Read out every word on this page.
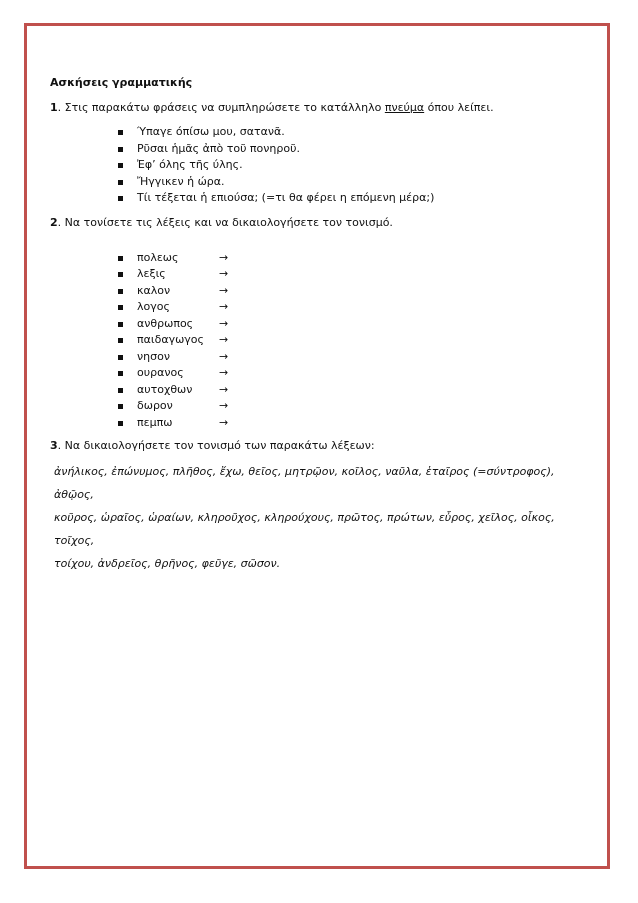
Ασκήσεις γραμματικής

1. Στις παρακάτω φράσεις να συμπληρώσετε το κατάλληλο πνεύμα όπου λείπει.

Ύπαγε όπίσω μου, σατανᾶ.
Ρῦσαι ἡμᾶς ἀπὸ τοῦ πονηροῦ.
Ἐφ’ όλης τῆς ύλης.
Ἤγγικεν ἡ ώρα.
Τίι τέξεται ἡ επιούσα; (=τι θα φέρει η επόμενη μέρα;)

2. Να τονίσετε τις λέξεις και να δικαιολογήσετε τον τονισμό.

πολεως	→
λεξις	→
καλον	→
λογος	→
ανθρωπος →
παιδαγωγος →
νησον	→
ουρανος	→
αυτοχθων →
δωρον	→
πεμπω	→

3. Να δικαιολογήσετε τον τονισμό των παρακάτω λέξεων:

ἀνήλικος, ἐπώνυμος, πλῆθος, ἔχω, θεῖος, μητρῷον, κοῖλος, ναῦλα, ἑταῖρος (=σύντροφος), ἀθῷος,
κοῦρος, ὡραῖος, ὡραίων, κληροῦχος, κληρούχους, πρῶτος, πρώτων, εὖρος, χεῖλος, οἶκος, τοῖχος,
τοίχου, ἀνδρεῖος, θρῆνος, φεῦγε, σῶσον.
